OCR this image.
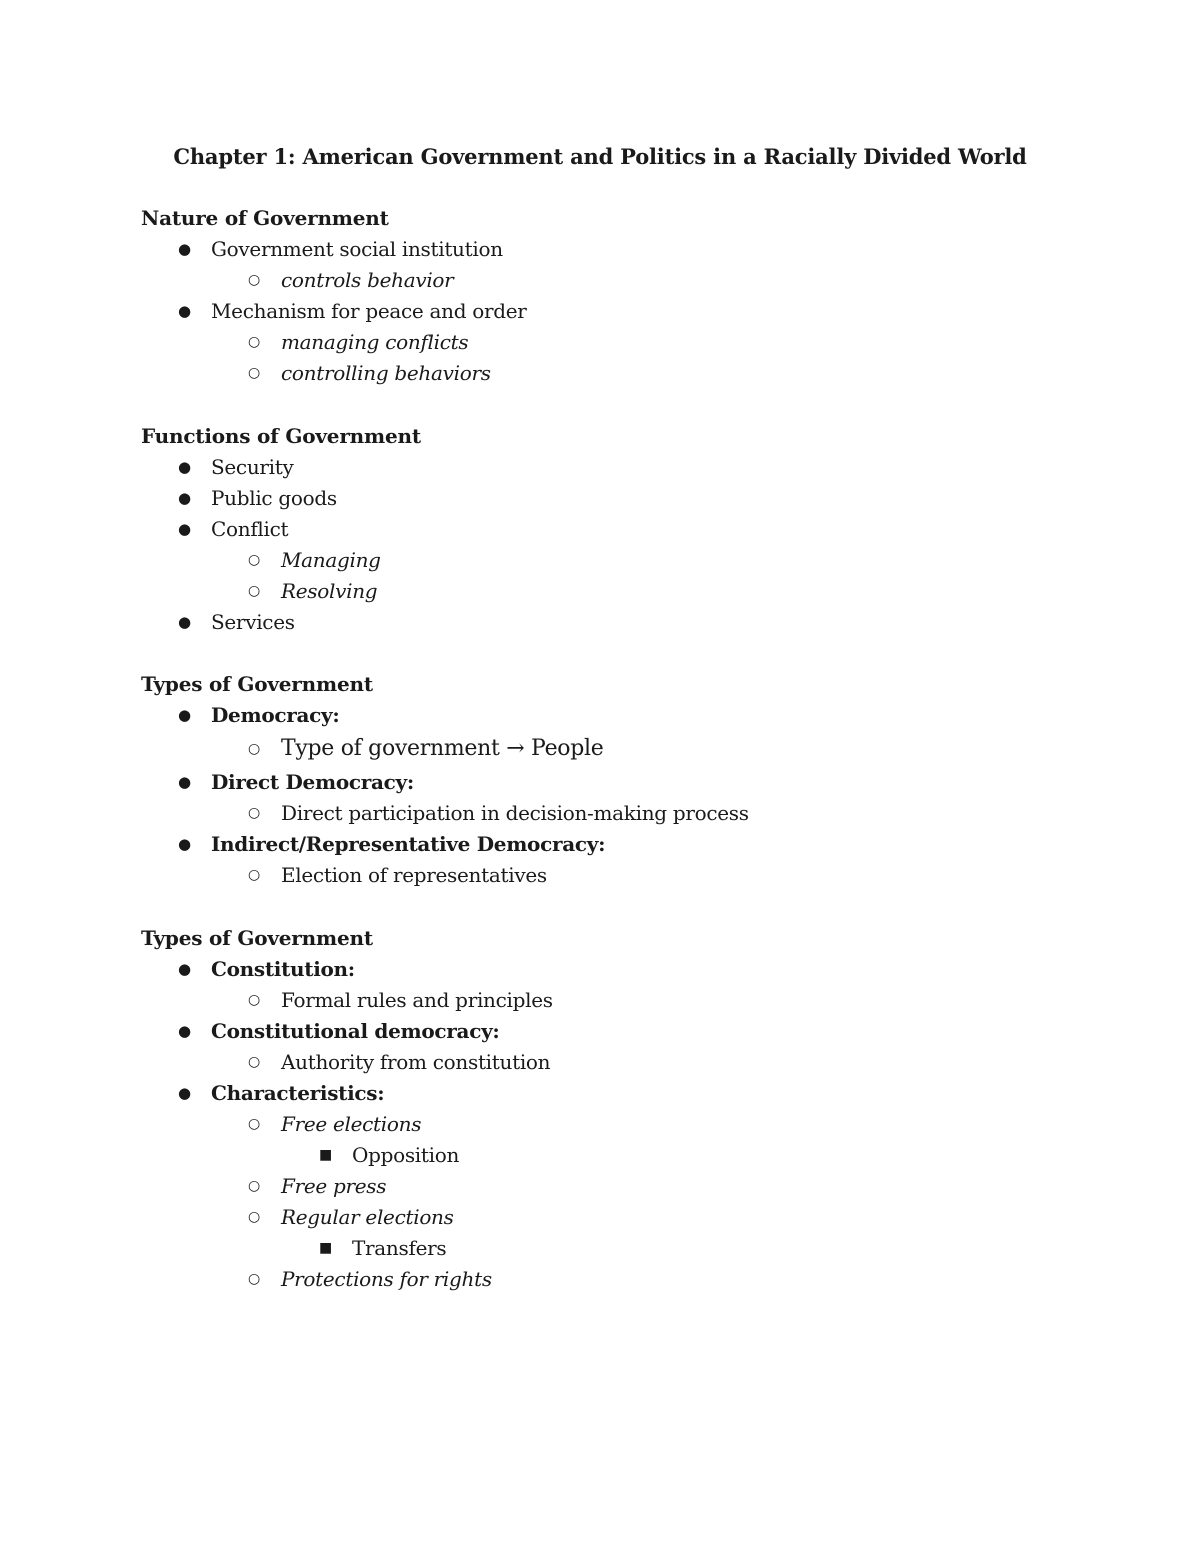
Chapter 1: American Government and Politics in a Racially Divided World
Nature of Government
● Government social institution
○ controls behavior
● Mechanism for peace and order
○ managing conflicts
○ controlling behaviors
Functions of Government
● Security
● Public goods
● Conflict
○ Managing
○ Resolving
● Services
Types of Government
● Democracy:
○ Type of government → People
● Direct Democracy:
○ Direct participation in decision-making process
● Indirect/Representative Democracy:
○ Election of representatives
Types of Government
● Constitution:
○ Formal rules and principles
● Constitutional democracy:
○ Authority from constitution
● Characteristics:
○ Free elections
■ Opposition
○ Free press
○ Regular elections
■ Transfers
○ Protections for rights
